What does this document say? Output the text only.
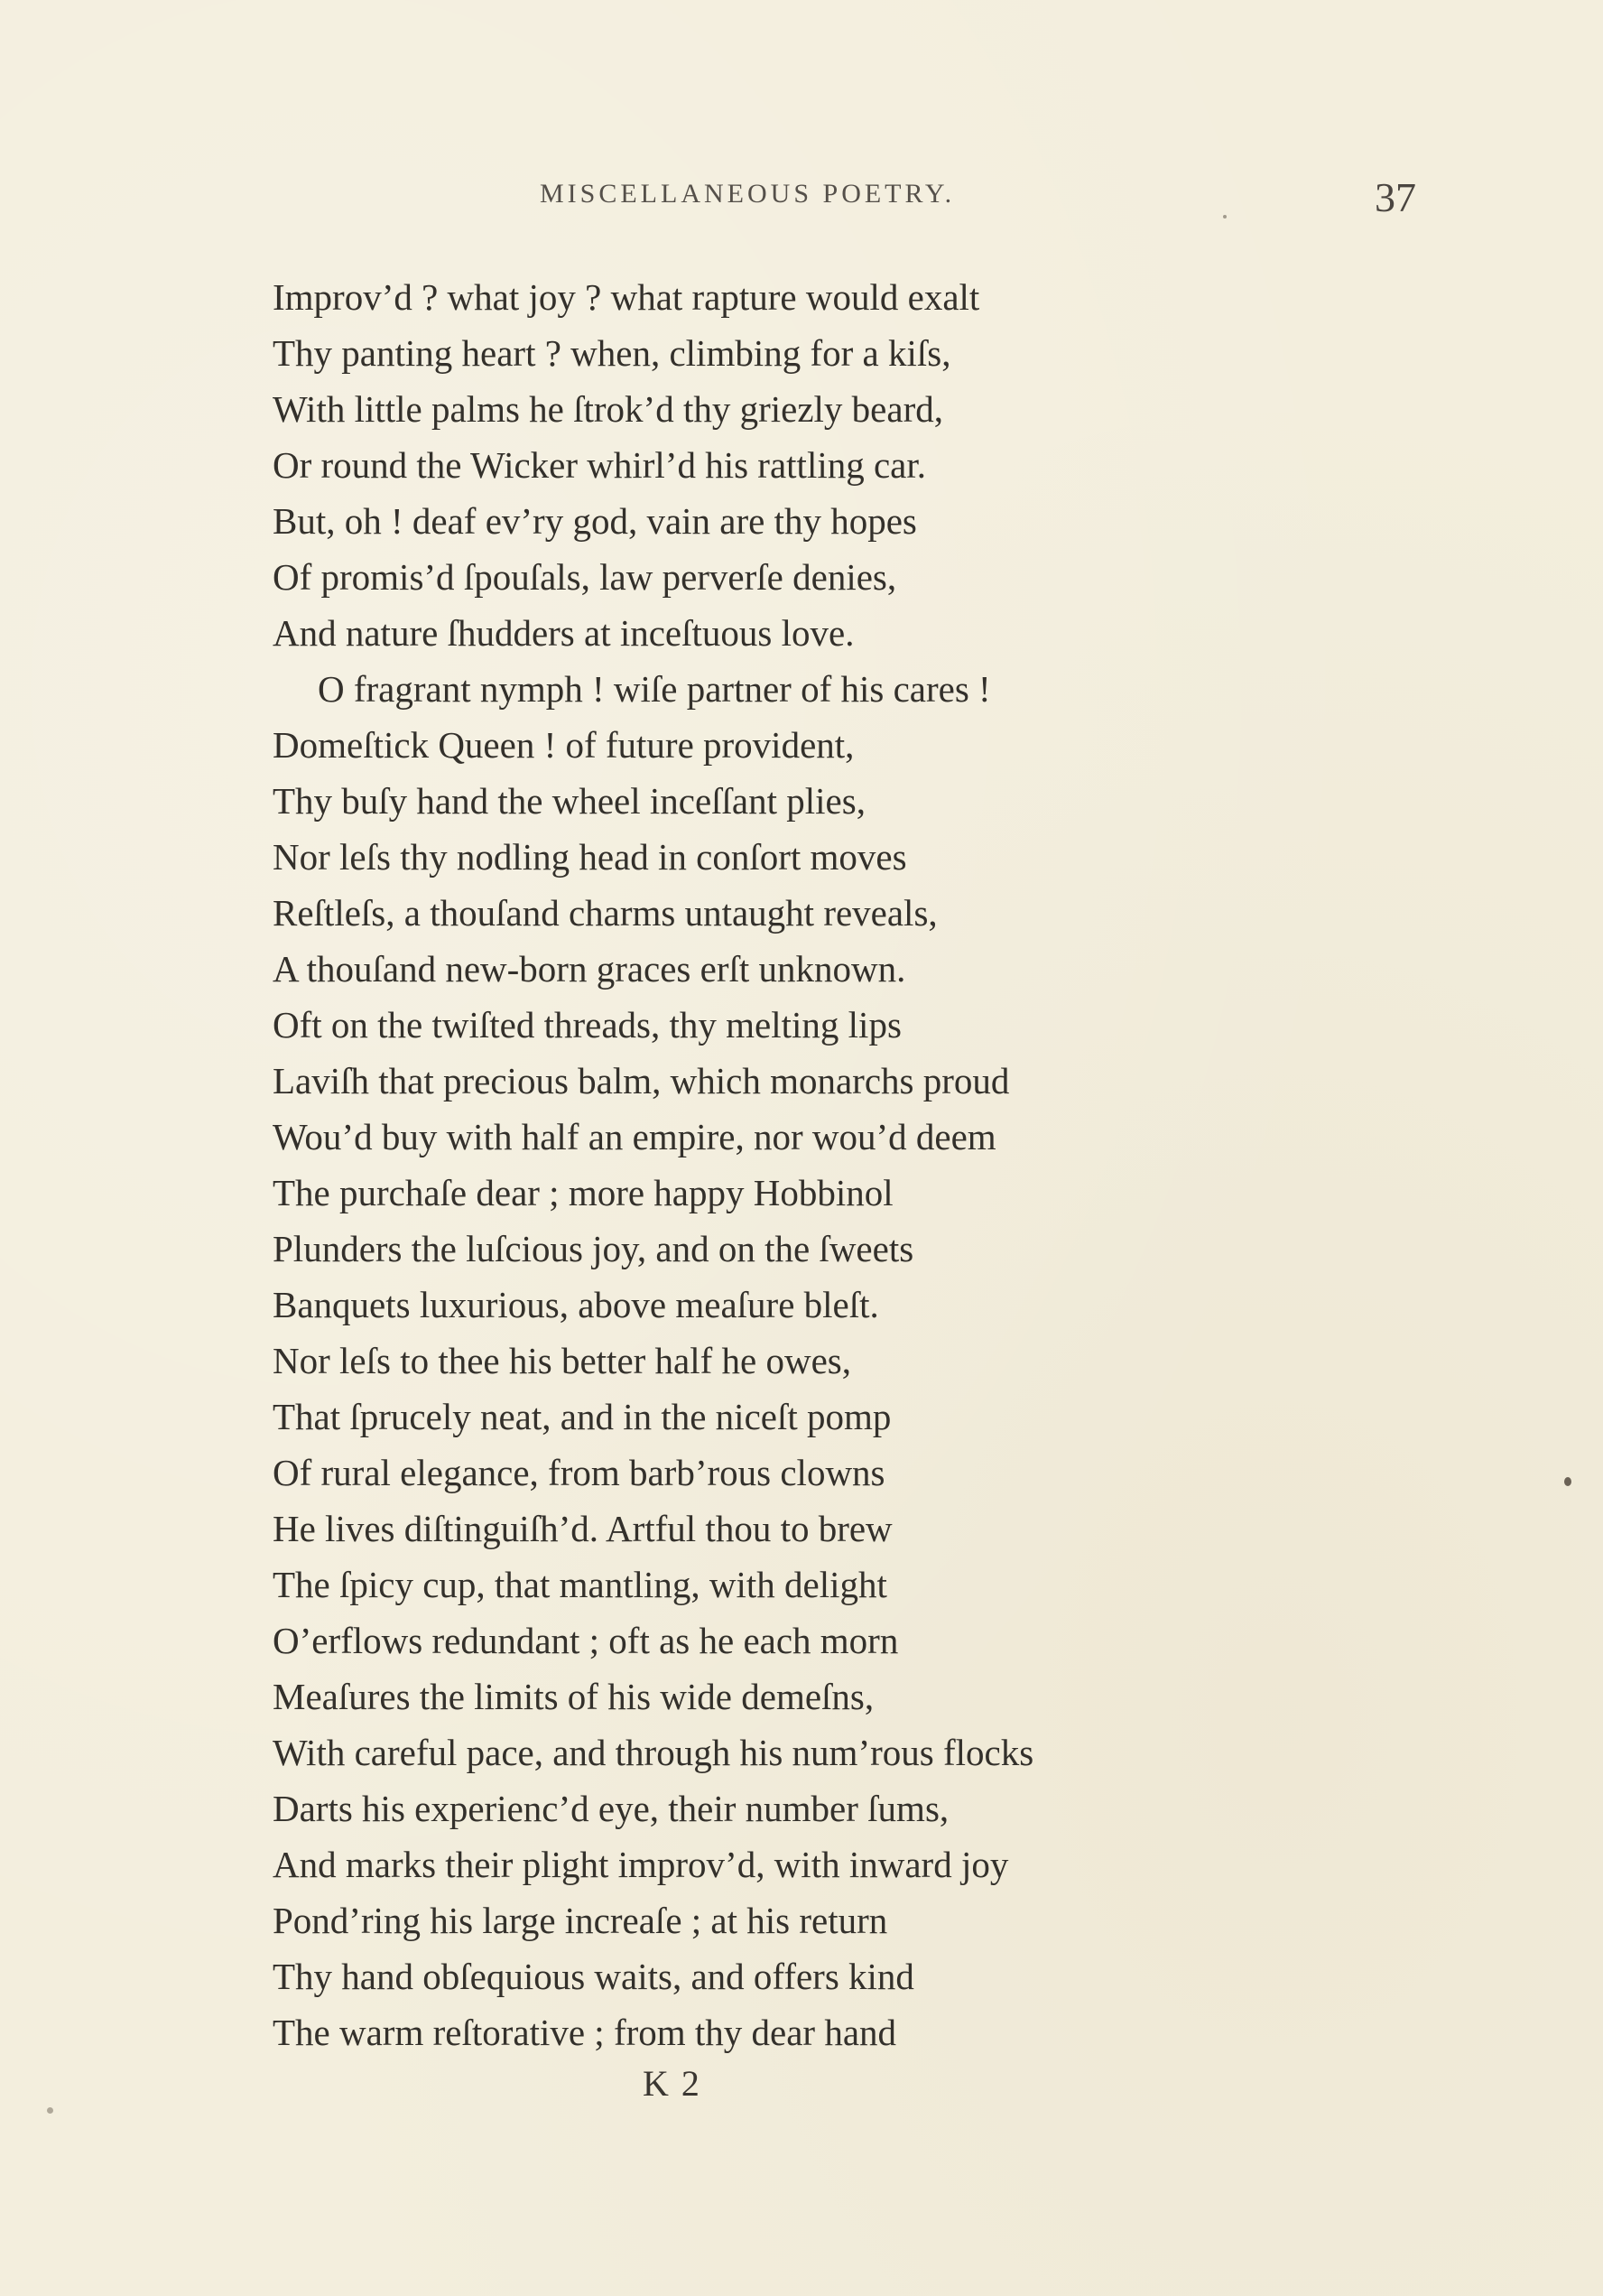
MISCELLANEOUS POETRY.	37
Improv’d ? what joy ? what rapture would exalt
Thy panting heart ? when, climbing for a kiſs,
With little palms he ſtrok’d thy griezly beard,
Or round the Wicker whirl’d his rattling car.
But, oh ! deaf ev’ry god, vain are thy hopes
Of promis’d ſpouſals, law perverſe denies,
And nature ſhudders at inceſtuous love.
O fragrant nymph ! wiſe partner of his cares !
Domeſtick Queen ! of future provident,
Thy buſy hand the wheel inceſſant plies,
Nor leſs thy nodling head in conſort moves
Reſtleſs, a thouſand charms untaught reveals,
A thouſand new-born graces erſt unknown.
Oft on the twiſted threads, thy melting lips
Laviſh that precious balm, which monarchs proud
Wou’d buy with half an empire, nor wou’d deem
The purchaſe dear ; more happy Hobbinol
Plunders the luſcious joy, and on the ſweets
Banquets luxurious, above meaſure bleſt.
Nor leſs to thee his better half he owes,
That ſprucely neat, and in the niceſt pomp
Of rural elegance, from barb’rous clowns
He lives diſtinguiſh’d. Artful thou to brew
The ſpicy cup, that mantling, with delight
O’erflows redundant ; oft as he each morn
Meaſures the limits of his wide demeſns,
With careful pace, and through his num’rous flocks
Darts his experienc’d eye, their number ſums,
And marks their plight improv’d, with inward joy
Pond’ring his large increaſe ; at his return
Thy hand obſequious waits, and offers kind
The warm reſtorative ; from thy dear hand
K 2
